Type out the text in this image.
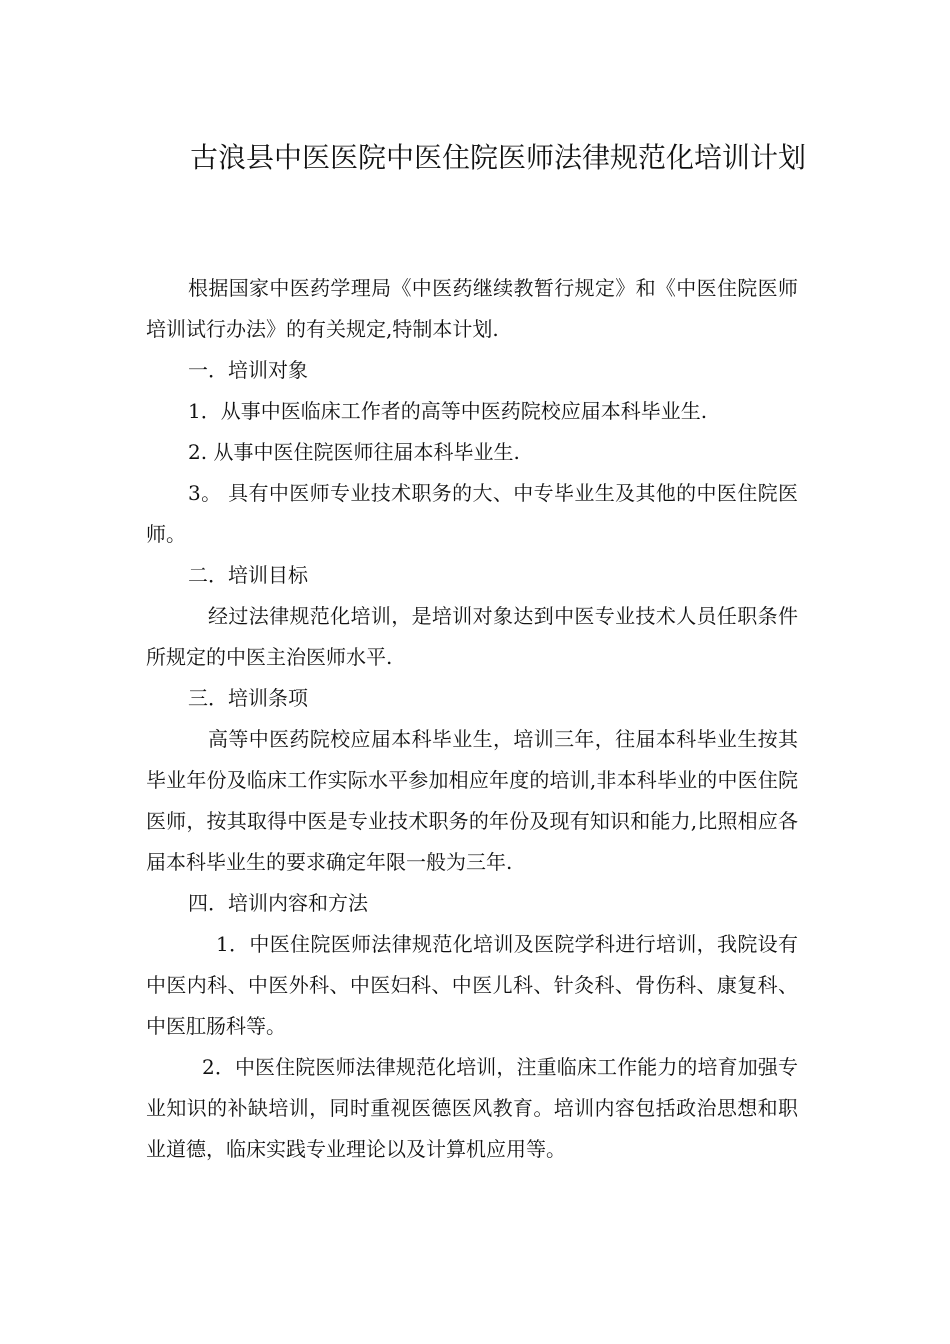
古浪县中医医院中医住院医师法律规范化培训计划

根据国家中医药学理局《中医药继续教暂行规定》和《中医住院医师培训试行办法》的有关规定,特制本计划.

一．培训对象

1．从事中医临床工作者的高等中医药院校应届本科毕业生.

2. 从事中医住院医师往届本科毕业生.

3。 具有中医师专业技术职务的大、中专毕业生及其他的中医住院医师。

二．培训目标

经过法律规范化培训，是培训对象达到中医专业技术人员任职条件所规定的中医主治医师水平.

三．培训条项

高等中医药院校应届本科毕业生，培训三年，往届本科毕业生按其毕业年份及临床工作实际水平参加相应年度的培训,非本科毕业的中医住院医师，按其取得中医是专业技术职务的年份及现有知识和能力,比照相应各届本科毕业生的要求确定年限一般为三年.

四．培训内容和方法

1．中医住院医师法律规范化培训及医院学科进行培训，我院设有中医内科、中医外科、中医妇科、中医儿科、针灸科、骨伤科、康复科、中医肛肠科等。

2．中医住院医师法律规范化培训，注重临床工作能力的培育加强专业知识的补缺培训，同时重视医德医风教育。培训内容包括政治思想和职业道德，临床实践专业理论以及计算机应用等。
